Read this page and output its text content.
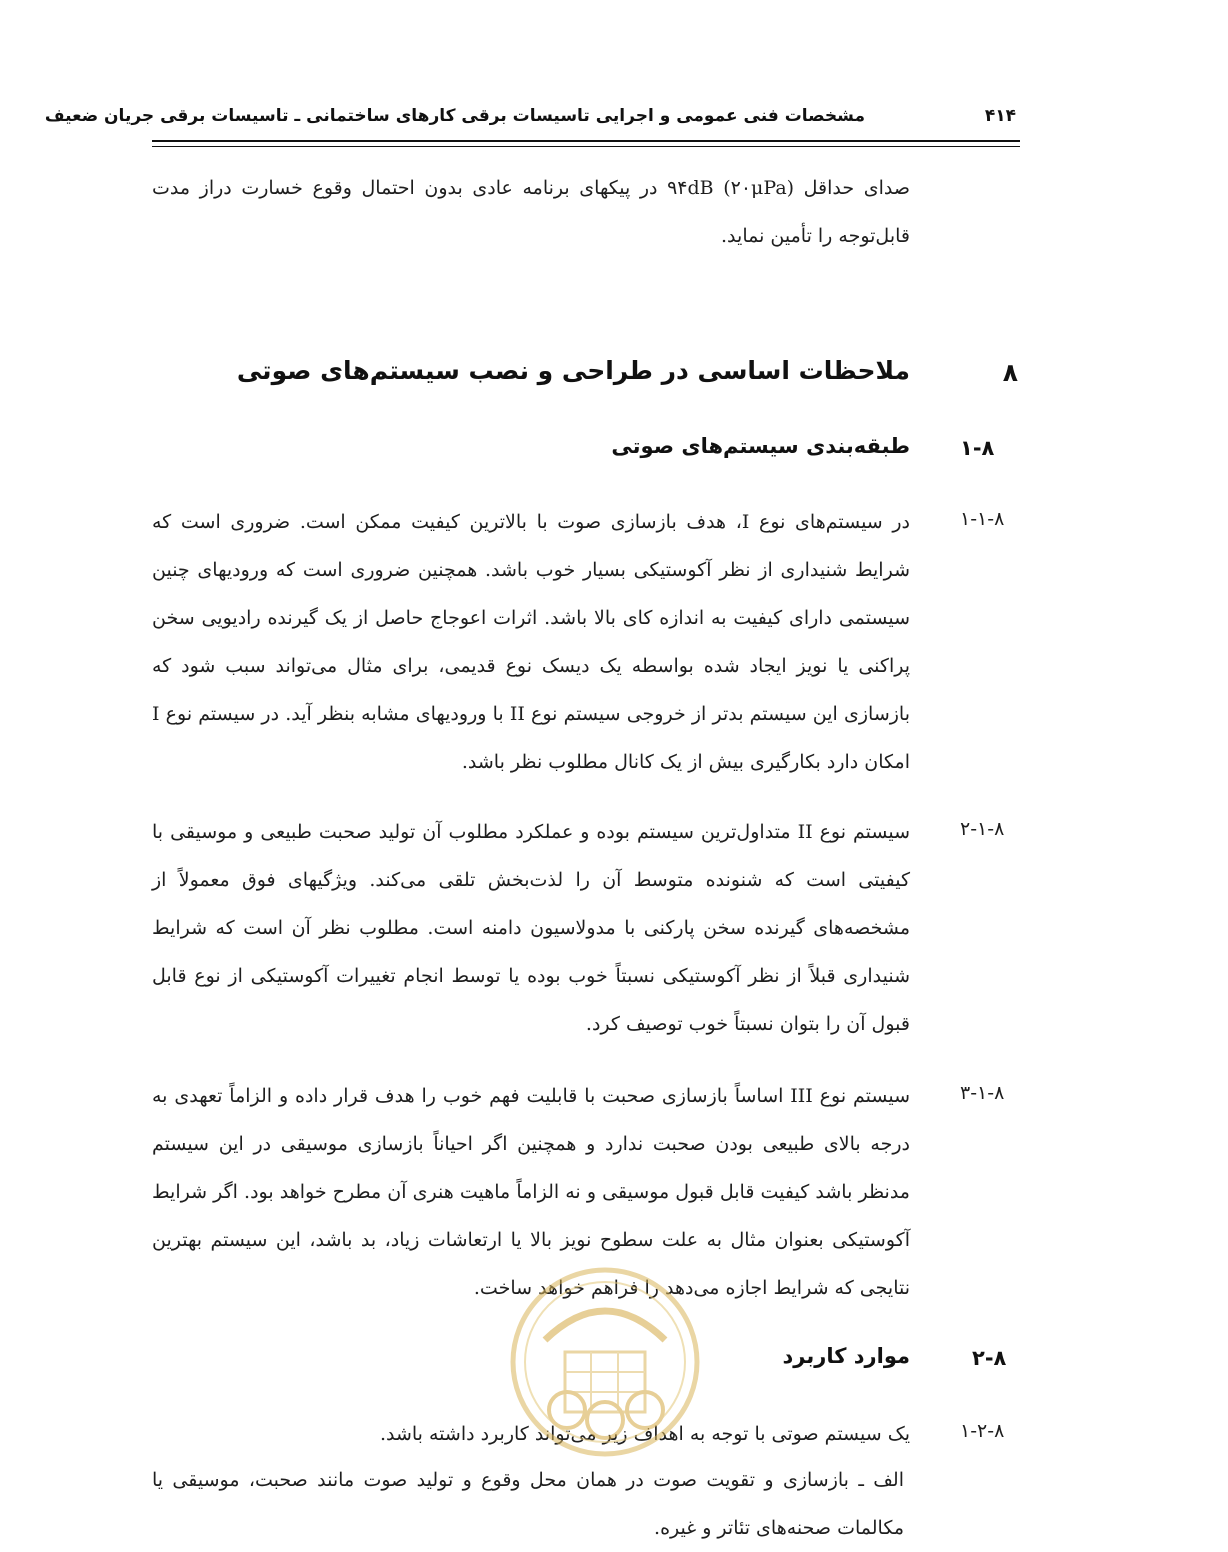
۴۱۴
مشخصات فنی عمومی و اجرایی تاسیسات برقی کارهای ساختمانی ـ تاسیسات برقی جریان ضعیف
صدای حداقل ۹۴dB (۲۰μPa) در پیکهای برنامه عادی بدون احتمال وقوع خسارت دراز مدت قابل‌توجه را تأمین نماید.
۸
ملاحظات اساسی در طراحی و نصب سیستم‌های صوتی
۱-۸
طبقه‌بندی سیستم‌های صوتی
۱-۱-۸
در سیستم‌های نوع I، هدف بازسازی صوت با بالاترین کیفیت ممکن است. ضروری است که شرایط شنیداری از نظر آکوستیکی بسیار خوب باشد. همچنین ضروری است که ورودیهای چنین سیستمی دارای کیفیت به اندازه کای بالا باشد. اثرات اعوجاج حاصل از یک گیرنده رادیویی سخن پراکنی یا نویز ایجاد شده بواسطه یک دیسک نوع قدیمی، برای مثال می‌تواند سبب شود که بازسازی این سیستم بدتر از خروجی سیستم نوع II با ورودیهای مشابه بنظر آید. در سیستم نوع I امکان دارد بکارگیری بیش از یک کانال مطلوب نظر باشد.
۲-۱-۸
سیستم نوع II متداول‌ترین سیستم بوده و عملکرد مطلوب آن تولید صحبت طبیعی و موسیقی با کیفیتی است که شنونده متوسط آن را لذت‌بخش تلقی می‌کند. ویژگیهای فوق معمولاً از مشخصه‌های گیرنده سخن پارکنی با مدولاسیون دامنه است. مطلوب نظر آن است که شرایط شنیداری قبلاً از نظر آکوستیکی نسبتاً خوب بوده یا توسط انجام تغییرات آکوستیکی از نوع قابل قبول آن را بتوان نسبتاً خوب توصیف کرد.
۳-۱-۸
سیستم نوع III اساساً بازسازی صحبت با قابلیت فهم خوب را هدف قرار داده و الزاماً تعهدی به درجه بالای طبیعی بودن صحبت ندارد و همچنین اگر احیاناً بازسازی موسیقی در این سیستم مدنظر باشد کیفیت قابل قبول موسیقی و نه الزاماً ماهیت هنری آن مطرح خواهد بود. اگر شرایط آکوستیکی بعنوان مثال به علت سطوح نویز بالا یا ارتعاشات زیاد، بد باشد، این سیستم بهترین نتایجی که شرایط اجازه می‌دهد را فراهم خواهد ساخت.
۲-۸
موارد کاربرد
۱-۲-۸
یک سیستم صوتی با توجه به اهداف زیر می‌تواند کاربرد داشته باشد.
الف ـ بازسازی و تقویت صوت در همان محل وقوع و تولید صوت مانند صحبت، موسیقی یا مکالمات صحنه‌های تئاتر و غیره.
